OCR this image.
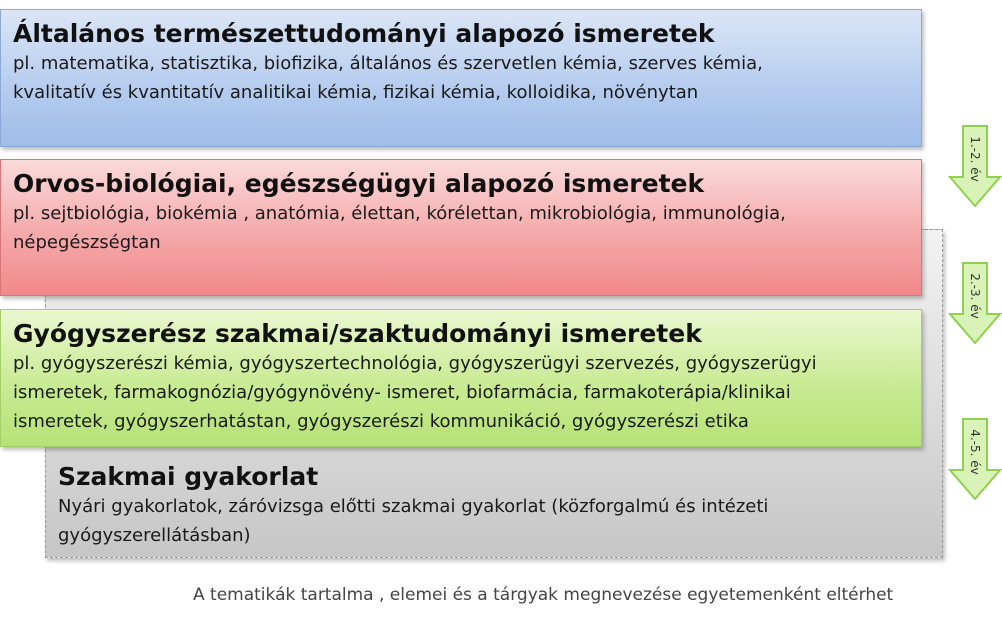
Szakmai gyakorlat
Nyári gyakorlatok, záróvizsga előtti szakmai gyakorlat (közforgalmú és intézeti
gyógyszerellátásban)
Általános természettudományi alapozó ismeretek
pl. matematika, statisztika, biofizika, általános és szervetlen kémia, szerves kémia,
kvalitatív és kvantitatív analitikai kémia, fizikai kémia, kolloidika, növénytan
Orvos-biológiai, egészségügyi alapozó ismeretek
pl. sejtbiológia, biokémia , anatómia, élettan, kórélettan, mikrobiológia, immunológia,
népegészségtan
Gyógyszerész szakmai/szaktudományi ismeretek
pl. gyógyszerészi kémia, gyógyszertechnológia, gyógyszerügyi szervezés, gyógyszerügyi
ismeretek, farmakognózia/gyógynövény- ismeret, biofarmácia, farmakoterápia/klinikai
ismeretek, gyógyszerhatástan, gyógyszerészi kommunikáció, gyógyszerészi etika
1.-2. év
2.-3. év
4.-5. év
A tematikák tartalma , elemei és a tárgyak megnevezése egyetemenként eltérhet
